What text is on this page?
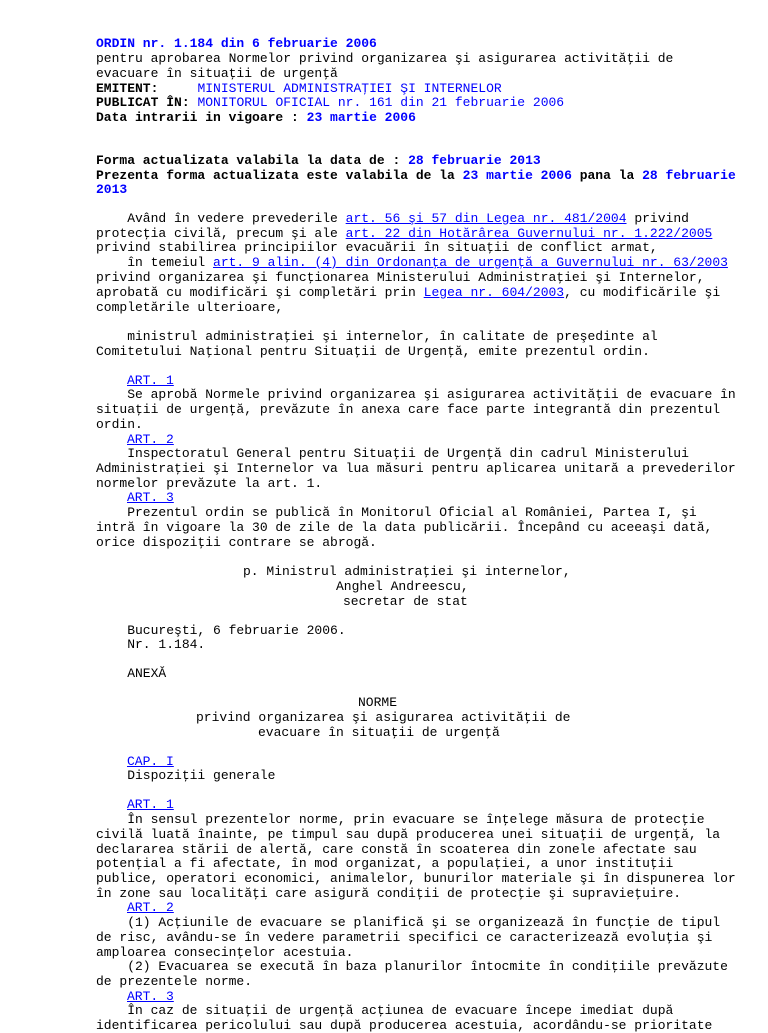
ORDIN nr. 1.184 din 6 februarie 2006
pentru aprobarea Normelor privind organizarea şi asigurarea activităţii de
evacuare în situaţii de urgenţă
EMITENT:	MINISTERUL ADMINISTRAŢIEI ŞI INTERNELOR
PUBLICAT ÎN: MONITORUL OFICIAL nr. 161 din 21 februarie 2006
Data intrarii in vigoare : 23 martie 2006
Forma actualizata valabila la data de : 28 februarie 2013
Prezenta forma actualizata este valabila de la 23 martie 2006 pana la 28 februarie
2013
Având în vedere prevederile art. 56 şi 57 din Legea nr. 481/2004 privind
protecţia civilă, precum şi ale art. 22 din Hotărârea Guvernului nr. 1.222/2005
privind stabilirea principiilor evacuării în situaţii de conflict armat,
în temeiul art. 9 alin. (4) din Ordonanţa de urgenţă a Guvernului nr. 63/2003
privind organizarea şi funcţionarea Ministerului Administraţiei şi Internelor,
aprobată cu modificări şi completări prin Legea nr. 604/2003, cu modificările şi
completările ulterioare,
ministrul administraţiei şi internelor, în calitate de preşedinte al
Comitetului Naţional pentru Situaţii de Urgenţă, emite prezentul ordin.
ART. 1
Se aprobă Normele privind organizarea şi asigurarea activităţii de evacuare în
situaţii de urgenţă, prevăzute în anexa care face parte integrantă din prezentul
ordin.
ART. 2
Inspectoratul General pentru Situaţii de Urgenţă din cadrul Ministerului
Administraţiei şi Internelor va lua măsuri pentru aplicarea unitară a prevederilor
normelor prevăzute la art. 1.
ART. 3
Prezentul ordin se publică în Monitorul Oficial al României, Partea I, şi
intră în vigoare la 30 de zile de la data publicării. Începând cu aceeaşi dată,
orice dispoziţii contrare se abrogă.
p. Ministrul administraţiei şi internelor,
Anghel Andreescu,
secretar de stat
Bucureşti, 6 februarie 2006.
Nr. 1.184.
ANEXĂ
NORME
privind organizarea şi asigurarea activităţii de
evacuare în situaţii de urgenţă
CAP. I
Dispoziţii generale
ART. 1
În sensul prezentelor norme, prin evacuare se înţelege măsura de protecţie
civilă luată înainte, pe timpul sau după producerea unei situaţii de urgenţă, la
declararea stării de alertă, care constă în scoaterea din zonele afectate sau
potenţial a fi afectate, în mod organizat, a populaţiei, a unor instituţii
publice, operatori economici, animalelor, bunurilor materiale şi în dispunerea lor
în zone sau localităţi care asigură condiţii de protecţie şi supravieţuire.
ART. 2
(1) Acţiunile de evacuare se planifică şi se organizează în funcţie de tipul
de risc, avându-se în vedere parametrii specifici ce caracterizează evoluţia şi
amploarea consecinţelor acestuia.
(2) Evacuarea se execută în baza planurilor întocmite în condiţiile prevăzute
de prezentele norme.
ART. 3
În caz de situaţii de urgenţă acţiunea de evacuare începe imediat după
identificarea pericolului sau după producerea acestuia, acordându-se prioritate
